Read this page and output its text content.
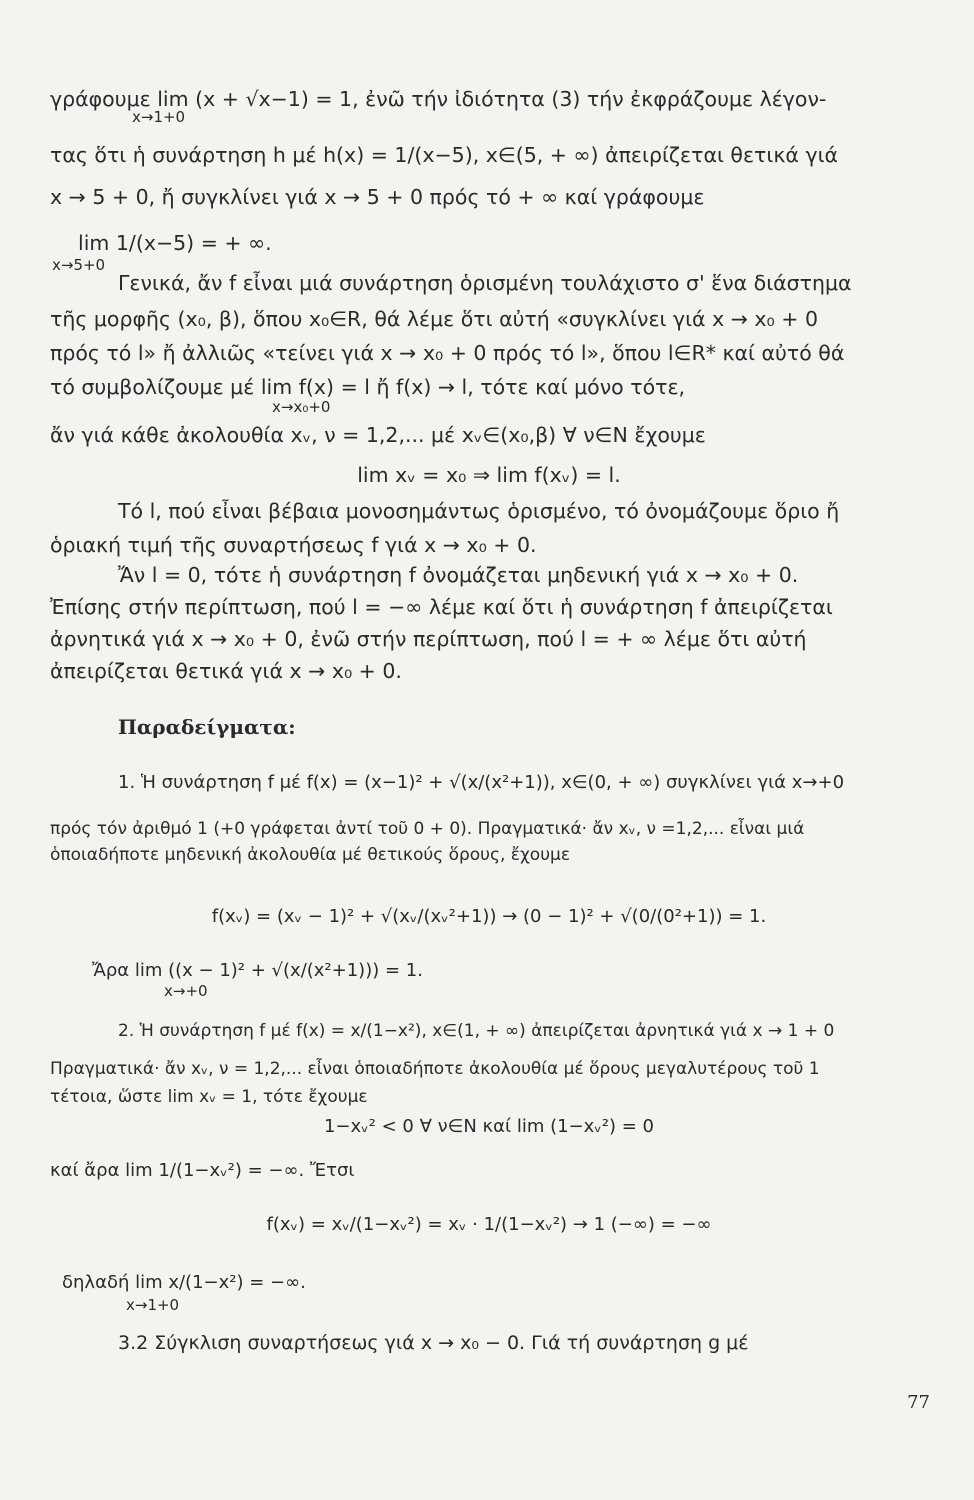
γράφουμε lim (x + √x−1) = 1, ἐνῶ τήν ἰδιότητα (3) τήν ἐκφράζουμε λέγον-
x→1+0
τας ὅτι ἡ συνάρτηση h μέ h(x) = 1/(x−5), x∈(5, + ∞) ἀπειρίζεται θετικά γιά
x → 5 + 0, ἤ συγκλίνει γιά x → 5 + 0 πρός τό + ∞ καί γράφουμε
lim 1/(x−5) = + ∞.
x→5+0
Γενικά, ἄν f εἶναι μιά συνάρτηση ὁρισμένη τουλάχιστο σ' ἕνα διάστημα
τῆς μορφῆς (x₀, β), ὅπου x₀∈R, θά λέμε ὅτι αὐτή «συγκλίνει γιά x → x₀ + 0
πρός τό l» ἤ ἀλλιῶς «τείνει γιά x → x₀ + 0 πρός τό l», ὅπου l∈R* καί αὐτό θά
τό συμβολίζουμε μέ lim f(x) = l ἤ f(x) → l, τότε καί μόνο τότε,
x→x₀+0
ἄν γιά κάθε ἀκολουθία xᵥ, ν = 1,2,... μέ xᵥ∈(x₀,β) ∀ ν∈N ἔχουμε
lim xᵥ = x₀ ⇒ lim f(xᵥ) = l.
Τό l, πού εἶναι βέβαια μονοσημάντως ὁρισμένο, τό ὀνομάζουμε ὅριο ἤ
ὁριακή τιμή τῆς συναρτήσεως f γιά x → x₀ + 0.
Ἄν l = 0, τότε ἡ συνάρτηση f ὀνομάζεται μηδενική γιά x → x₀ + 0.
Ἐπίσης στήν περίπτωση, πού l = −∞ λέμε καί ὅτι ἡ συνάρτηση f ἀπειρίζεται
ἀρνητικά γιά x → x₀ + 0, ἐνῶ στήν περίπτωση, πού l = + ∞ λέμε ὅτι αὐτή
ἀπειρίζεται θετικά γιά x → x₀ + 0.
Παραδείγματα:
1. Ἡ συνάρτηση f μέ f(x) = (x−1)² + √(x/(x²+1)), x∈(0, + ∞) συγκλίνει γιά x→+0
πρός τόν ἀριθμό 1 (+0 γράφεται ἀντί τοῦ 0 + 0). Πραγματικά· ἄν xᵥ, ν =1,2,... εἶναι μιά
ὁποιαδήποτε μηδενική ἀκολουθία μέ θετικούς ὅρους, ἔχουμε
f(xᵥ) = (xᵥ − 1)² + √(xᵥ/(xᵥ²+1)) → (0 − 1)² + √(0/(0²+1)) = 1.
Ἄρα lim ((x − 1)² + √(x/(x²+1))) = 1.
x→+0
2. Ἡ συνάρτηση f μέ f(x) = x/(1−x²), x∈(1, + ∞) ἀπειρίζεται ἀρνητικά γιά x → 1 + 0
Πραγματικά· ἄν xᵥ, ν = 1,2,... εἶναι ὁποιαδήποτε ἀκολουθία μέ ὅρους μεγαλυτέρους τοῦ 1
τέτοια, ὥστε lim xᵥ = 1, τότε ἔχουμε
1−xᵥ² < 0 ∀ ν∈N καί lim (1−xᵥ²) = 0
καί ἄρα lim 1/(1−xᵥ²) = −∞. Ἔτσι
f(xᵥ) = xᵥ/(1−xᵥ²) = xᵥ · 1/(1−xᵥ²) → 1 (−∞) = −∞
δηλαδή lim x/(1−x²) = −∞.
x→1+0
3.2 Σύγκλιση συναρτήσεως γιά x → x₀ − 0. Γιά τή συνάρτηση g μέ
77
